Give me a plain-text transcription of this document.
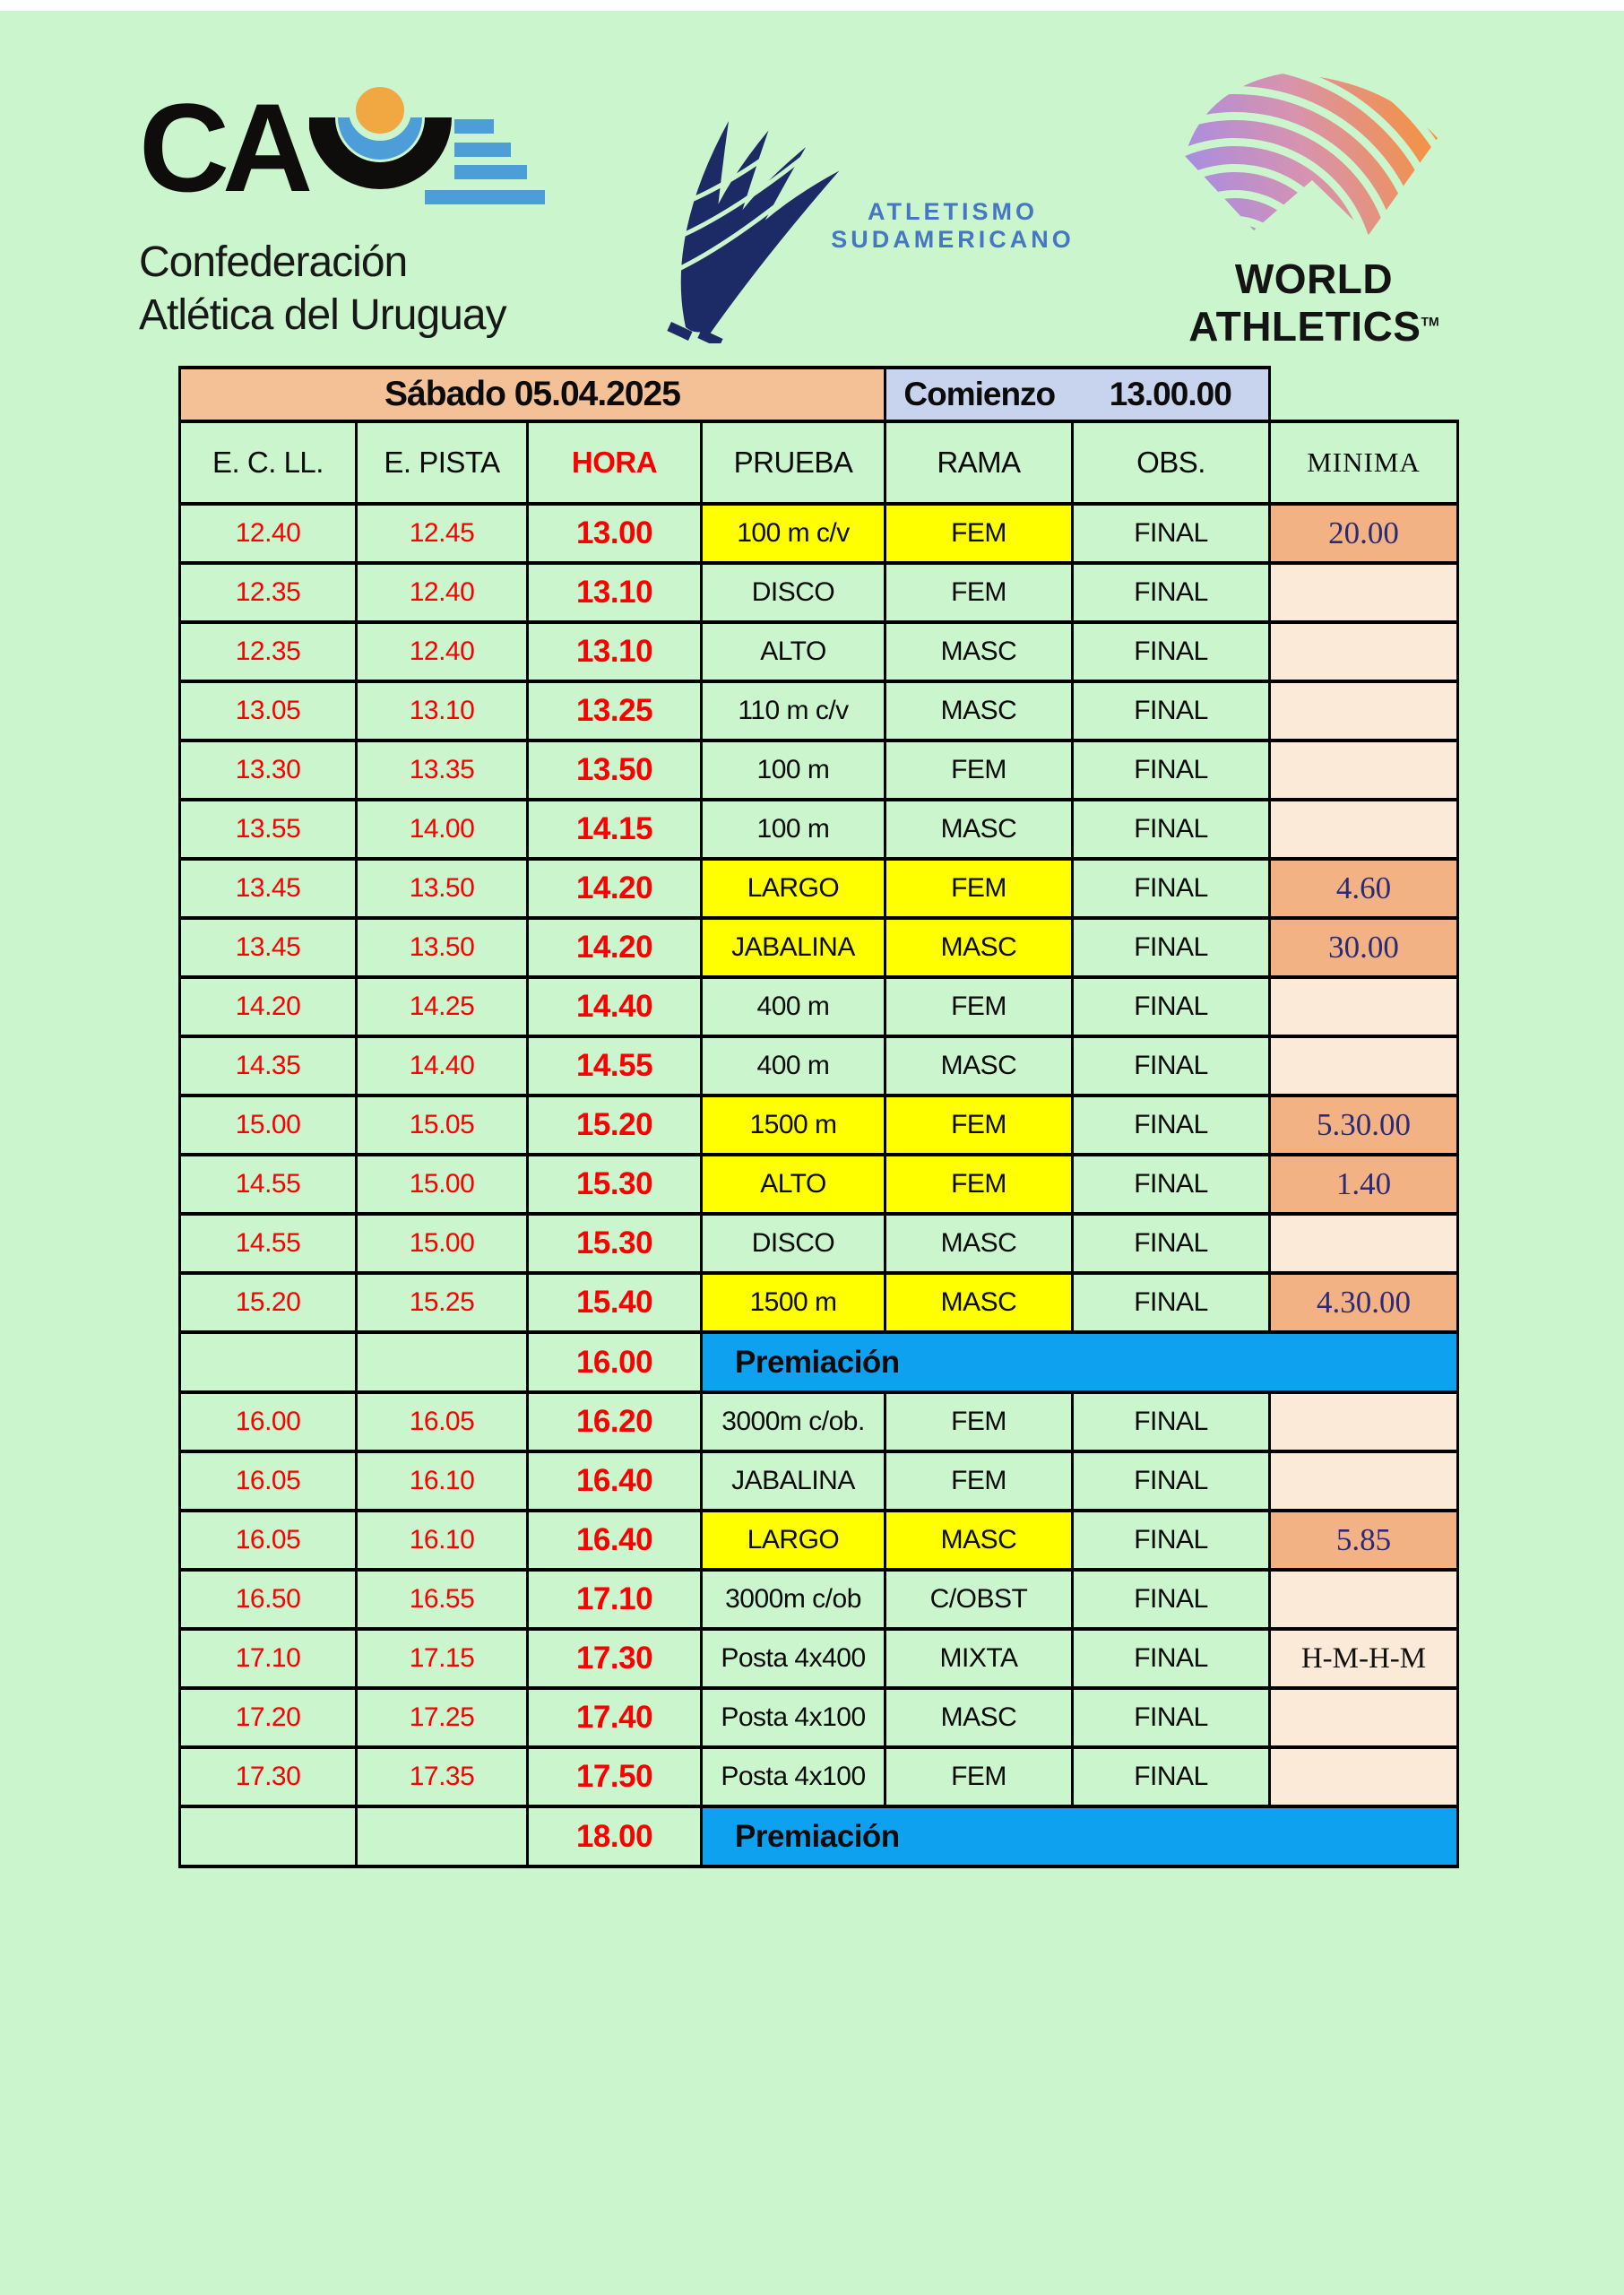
CA
Confederación
Atlética del Uruguay
ATLETISMO
SUDAMERICANO
WORLD
ATHLETICS™
Sábado 05.04.2025				Comienzo 13.00.00		

E. C. LL.	E. PISTA	HORA	PRUEBA	RAMA	OBS.	MINIMA
12.40	12.45	13.00	100 m c/v	FEM	FINAL	20.00
12.35	12.40	13.10	DISCO	FEM	FINAL	
12.35	12.40	13.10	ALTO	MASC	FINAL	
13.05	13.10	13.25	110 m c/v	MASC	FINAL	
13.30	13.35	13.50	100 m	FEM	FINAL	
13.55	14.00	14.15	100 m	MASC	FINAL	
13.45	13.50	14.20	LARGO	FEM	FINAL	4.60
13.45	13.50	14.20	JABALINA	MASC	FINAL	30.00
14.20	14.25	14.40	400 m	FEM	FINAL	
14.35	14.40	14.55	400 m	MASC	FINAL	
15.00	15.05	15.20	1500 m	FEM	FINAL	5.30.00
14.55	15.00	15.30	ALTO	FEM	FINAL	1.40
14.55	15.00	15.30	DISCO	MASC	FINAL	
15.20	15.25	15.40	1500 m	MASC	FINAL	4.30.00
		16.00	Premiación			
16.00	16.05	16.20	3000m c/ob.	FEM	FINAL	
16.05	16.10	16.40	JABALINA	FEM	FINAL	
16.05	16.10	16.40	LARGO	MASC	FINAL	5.85
16.50	16.55	17.10	3000m c/ob	C/OBST	FINAL	
17.10	17.15	17.30	Posta 4x400	MIXTA	FINAL	H-M-H-M
17.20	17.25	17.40	Posta 4x100	MASC	FINAL	
17.30	17.35	17.50	Posta 4x100	FEM	FINAL	
		18.00	Premiación			
